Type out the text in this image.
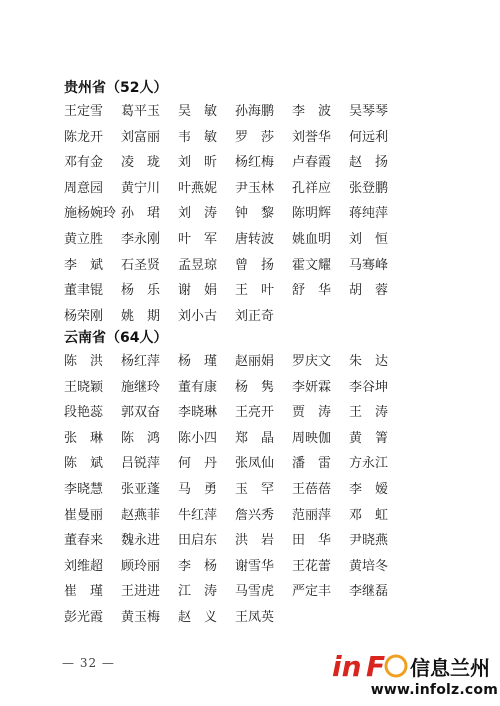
贵州省（52人）
王定雪	葛平玉	吴　敏	孙海鹏	李　波	吴琴琴
陈龙开	刘富丽	韦　敏	罗　莎	刘誉华	何远利
邓有金	凌　珑	刘　昕	杨红梅	卢春霞	赵　扬
周意园	黄宁川	叶燕妮	尹玉林	孔祥应	张登鹏
施杨婉玲 孙　珺	刘　涛	钟　黎	陈明辉	蒋纯萍
黄立胜	李永刚	叶　军	唐转波	姚血明	刘　恒
李　斌	石圣贤	孟昱琼	曾　扬	霍文耀	马骞峰
董聿锟	杨　乐	谢　娟	王　叶	舒　华	胡　蓉
杨荣刚	姚　期	刘小古	刘正奇
云南省（64人）
陈　洪	杨红萍	杨　瑾	赵丽娟	罗庆文	朱　达
王晓颖	施继玲	董有康	杨　隽	李妍霖	李谷坤
段艳蕊	郭双奋	李晓琳	王亮开	贾　涛	王　涛
张　琳	陈　鸿	陈小四	郑　晶	周映伽	黄　箐
陈　斌	吕锐萍	何　丹	张凤仙	潘　雷	方永江
李晓慧	张亚蓬	马　勇	玉　罕	王蓓蓓	李　嫒
崔曼丽	赵燕菲	牛红萍	詹兴秀	范丽萍	邓　虹
董春来	魏永进	田启东	洪　岩	田　华	尹晓燕
刘维超	顾玲丽	李　杨	谢雪华	王花蕾	黄培冬
崔　瑾	王进进	江　涛	马雪虎	严定丰	李继磊
彭光霞	黄玉梅	赵　义	王凤英
— 32 —	in F 信息兰州
www.infolz.com
